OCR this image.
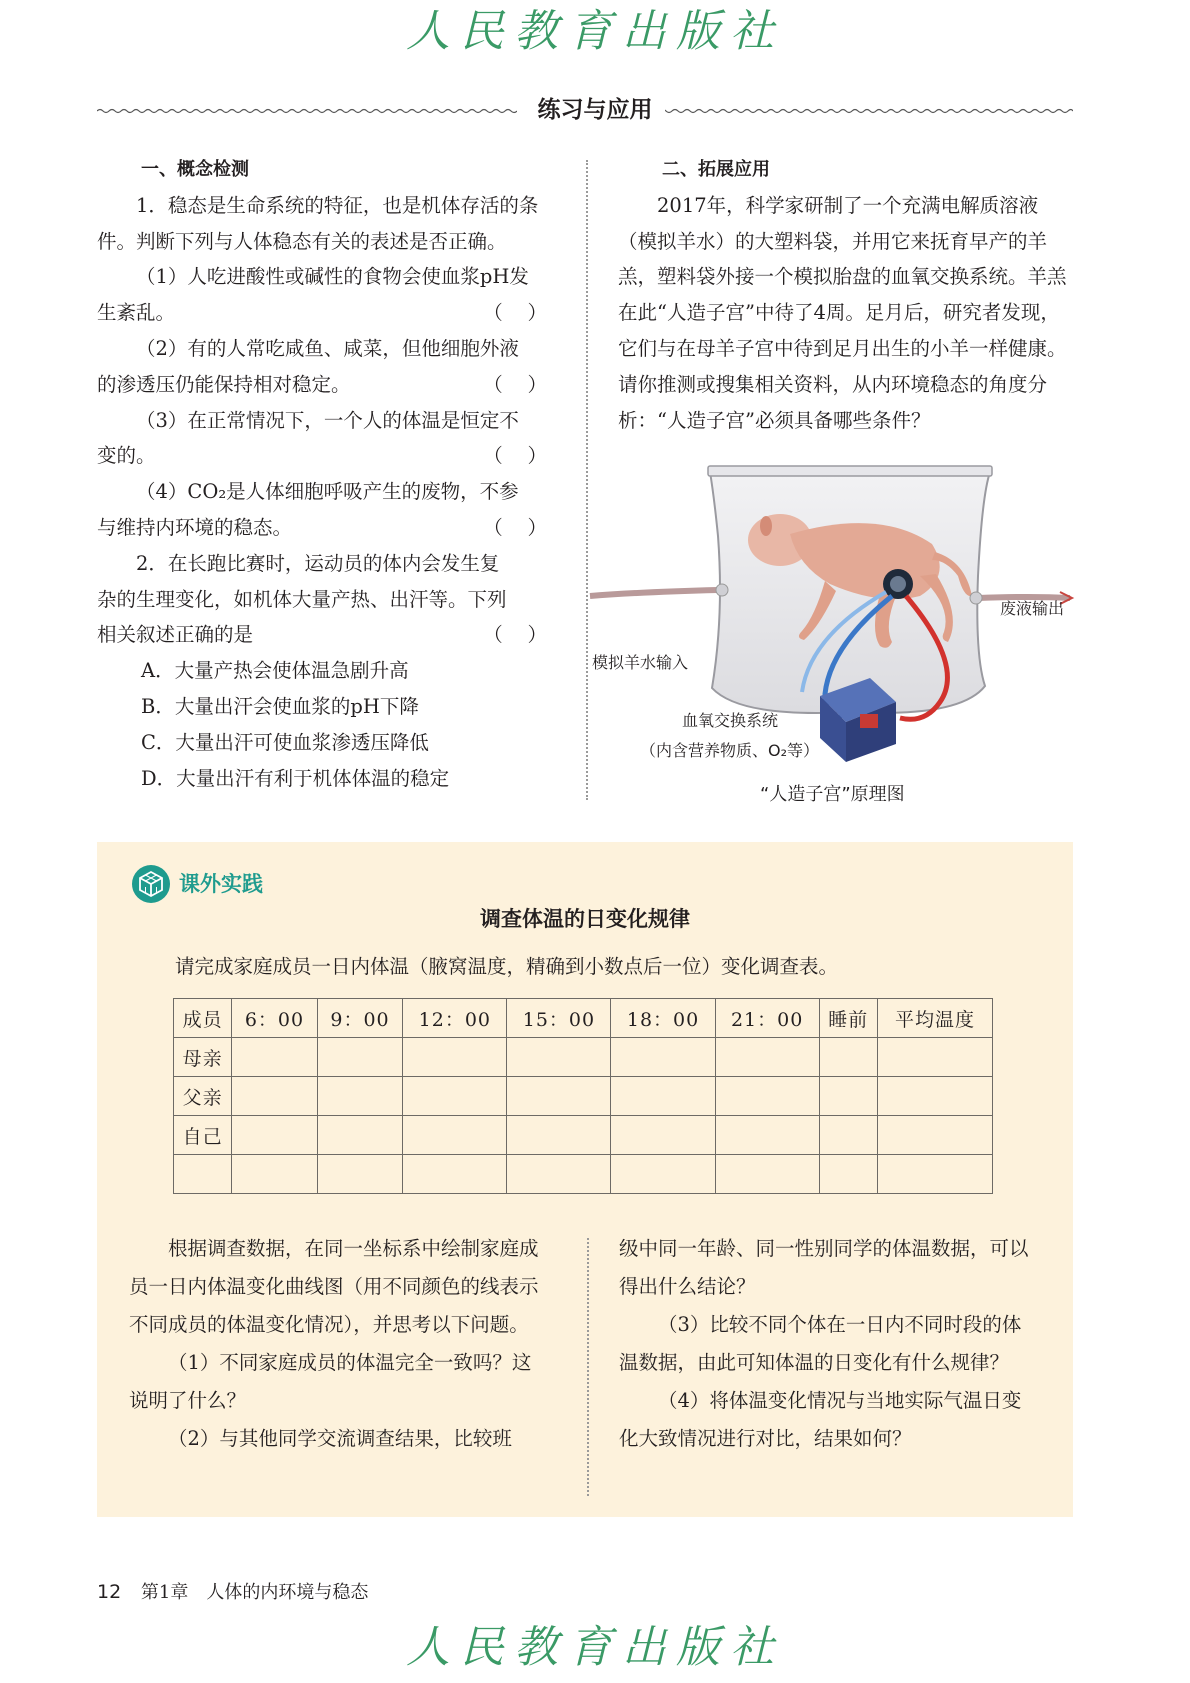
人民教育出版社
练习与应用

一、概念检测

1．稳态是生命系统的特征，也是机体存活的条件。判断下列与人体稳态有关的表述是否正确。

（1）人吃进酸性或碱性的食物会使血浆pH发

生紊乱。	（    ）

（2）有的人常吃咸鱼、咸菜，但他细胞外液

的渗透压仍能保持相对稳定。	（    ）

（3）在正常情况下，一个人的体温是恒定不

变的。	（    ）

（4）CO₂是人体细胞呼吸产生的废物，不参

与维持内环境的稳态。	（    ）

2．在长跑比赛时，运动员的体内会发生复

杂的生理变化，如机体大量产热、出汗等。下列

相关叙述正确的是	（    ）

A．大量产热会使体温急剧升高

B．大量出汗会使血浆的pH下降

C．大量出汗可使血浆渗透压降低

D．大量出汗有利于机体体温的稳定

二、拓展应用

2017年，科学家研制了一个充满电解质溶液（模拟羊水）的大塑料袋，并用它来抚育早产的羊羔，塑料袋外接一个模拟胎盘的血氧交换系统。羊羔在此“人造子宫”中待了4周。足月后，研究者发现，它们与在母羊子宫中待到足月出生的小羊一样健康。请你推测或搜集相关资料，从内环境稳态的角度分析：“人造子宫”必须具备哪些条件？

废液输出
模拟羊水输入
血氧交换系统
（内含营养物质、O₂等）
“人造子宫”原理图
课外实践
调查体温的日变化规律
请完成家庭成员一日内体温（腋窝温度，精确到小数点后一位）变化调查表。
成员	6：00	9：00	12：00	15：00	18：00	21：00	睡前	平均温度
母亲								
父亲								
自己								

根据调查数据，在同一坐标系中绘制家庭成员一日内体温变化曲线图（用不同颜色的线表示不同成员的体温变化情况），并思考以下问题。

（1）不同家庭成员的体温完全一致吗？这说明了什么？

（2）与其他同学交流调查结果，比较班

级中同一年龄、同一性别同学的体温数据，可以得出什么结论？

（3）比较不同个体在一日内不同时段的体温数据，由此可知体温的日变化有什么规律？

（4）将体温变化情况与当地实际气温日变化大致情况进行对比，结果如何？

12 第1章　人体的内环境与稳态
人民教育出版社
